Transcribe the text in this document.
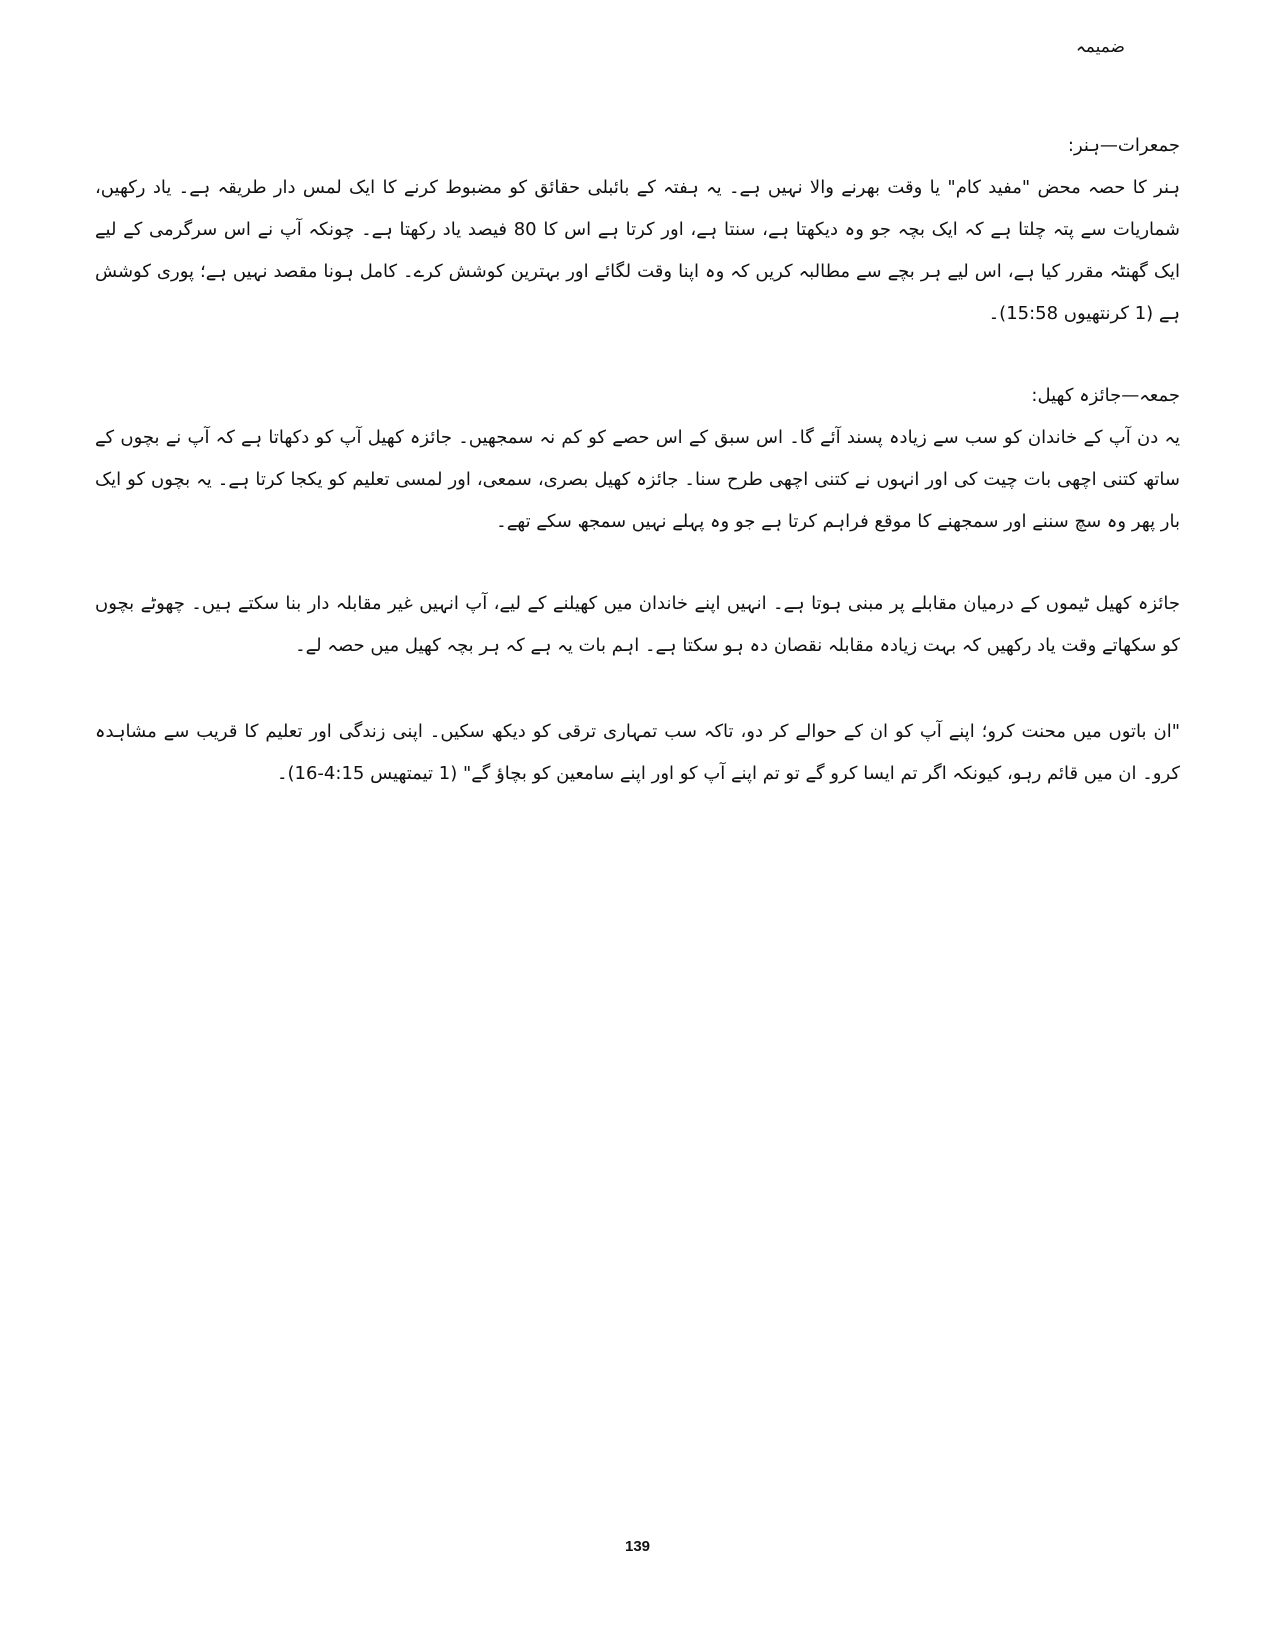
ضمیمہ
جمعرات—ہنر:

ہنر کا حصہ محض "مفید کام" یا وقت بھرنے والا نہیں ہے۔ یہ ہفتہ کے بائبلی حقائق کو مضبوط کرنے کا ایک لمس دار طریقہ ہے۔ یاد رکھیں، شماریات سے پتہ چلتا ہے کہ ایک بچہ جو وہ دیکھتا ہے، سنتا ہے، اور کرتا ہے اس کا 80 فیصد یاد رکھتا ہے۔ چونکہ آپ نے اس سرگرمی کے لیے ایک گھنٹہ مقرر کیا ہے، اس لیے ہر بچے سے مطالبہ کریں کہ وہ اپنا وقت لگائے اور بہترین کوشش کرے۔ کامل ہونا مقصد نہیں ہے؛ پوری کوشش ہے (1 کرنتھیوں 15:58)۔

جمعہ—جائزہ کھیل:

یہ دن آپ کے خاندان کو سب سے زیادہ پسند آئے گا۔ اس سبق کے اس حصے کو کم نہ سمجھیں۔ جائزہ کھیل آپ کو دکھاتا ہے کہ آپ نے بچوں کے ساتھ کتنی اچھی بات چیت کی اور انہوں نے کتنی اچھی طرح سنا۔ جائزہ کھیل بصری، سمعی، اور لمسی تعلیم کو یکجا کرتا ہے۔ یہ بچوں کو ایک بار پھر وہ سچ سننے اور سمجھنے کا موقع فراہم کرتا ہے جو وہ پہلے نہیں سمجھ سکے تھے۔

جائزہ کھیل ٹیموں کے درمیان مقابلے پر مبنی ہوتا ہے۔ انہیں اپنے خاندان میں کھیلنے کے لیے، آپ انہیں غیر مقابلہ دار بنا سکتے ہیں۔ چھوٹے بچوں کو سکھاتے وقت یاد رکھیں کہ بہت زیادہ مقابلہ نقصان دہ ہو سکتا ہے۔ اہم بات یہ ہے کہ ہر بچہ کھیل میں حصہ لے۔

"ان باتوں میں محنت کرو؛ اپنے آپ کو ان کے حوالے کر دو، تاکہ سب تمہاری ترقی کو دیکھ سکیں۔ اپنی زندگی اور تعلیم کا قریب سے مشاہدہ کرو۔ ان میں قائم رہو، کیونکہ اگر تم ایسا کرو گے تو تم اپنے آپ کو اور اپنے سامعین کو بچاؤ گے" (1 تیمتھیس 4:15-16)۔

139
